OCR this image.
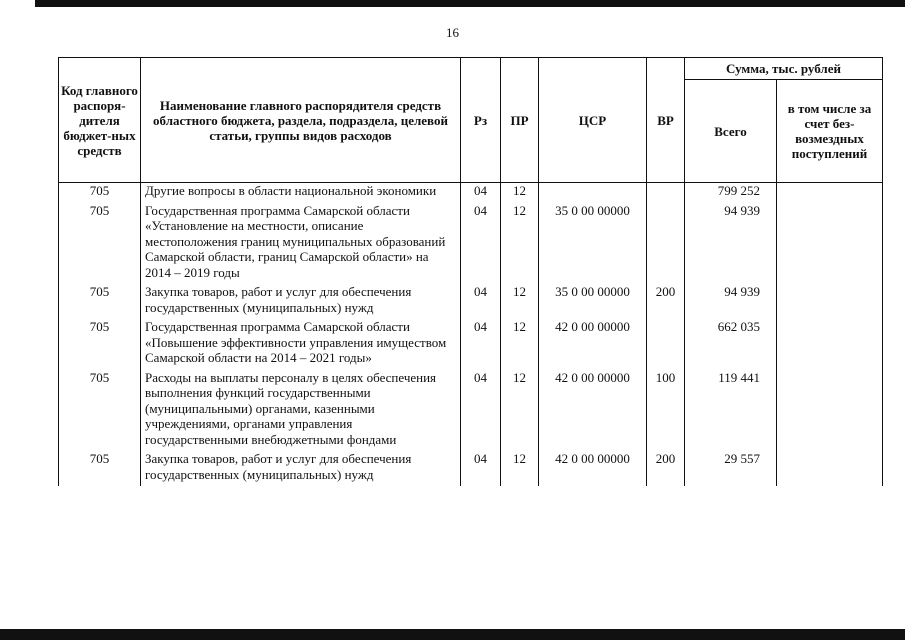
16
Код главного распоря-дителя бюджет-ных средств	Наименование главного распорядителя средств областного бюджета, раздела, подраздела, целевой статьи, группы видов расходов	Рз	ПР	ЦСР	ВР	Сумма, тыс. рублей	
						Всего	в том числе за счет без-возмездных поступлений
705	Другие вопросы в области национальной экономики	04	12			799 252	
705	Государственная программа Самарской области «Установление на местности, описание местоположения границ муниципальных образований Самарской области, границ Самарской области» на 2014 – 2019 годы	04	12	35 0 00 00000		94 939	
705	Закупка товаров, работ и услуг для обеспечения государственных (муниципальных) нужд	04	12	35 0 00 00000	200	94 939	
705	Государственная программа Самарской области «Повышение эффективности управления имуществом Самарской области на 2014 – 2021 годы»	04	12	42 0 00 00000		662 035	
705	Расходы на выплаты персоналу в целях обеспечения выполнения функций государственными (муниципальными) органами, казенными учреждениями, органами управления государственными внебюджетными фондами	04	12	42 0 00 00000	100	119 441	
705	Закупка товаров, работ и услуг для обеспечения государственных (муниципальных) нужд	04	12	42 0 00 00000	200	29 557	
